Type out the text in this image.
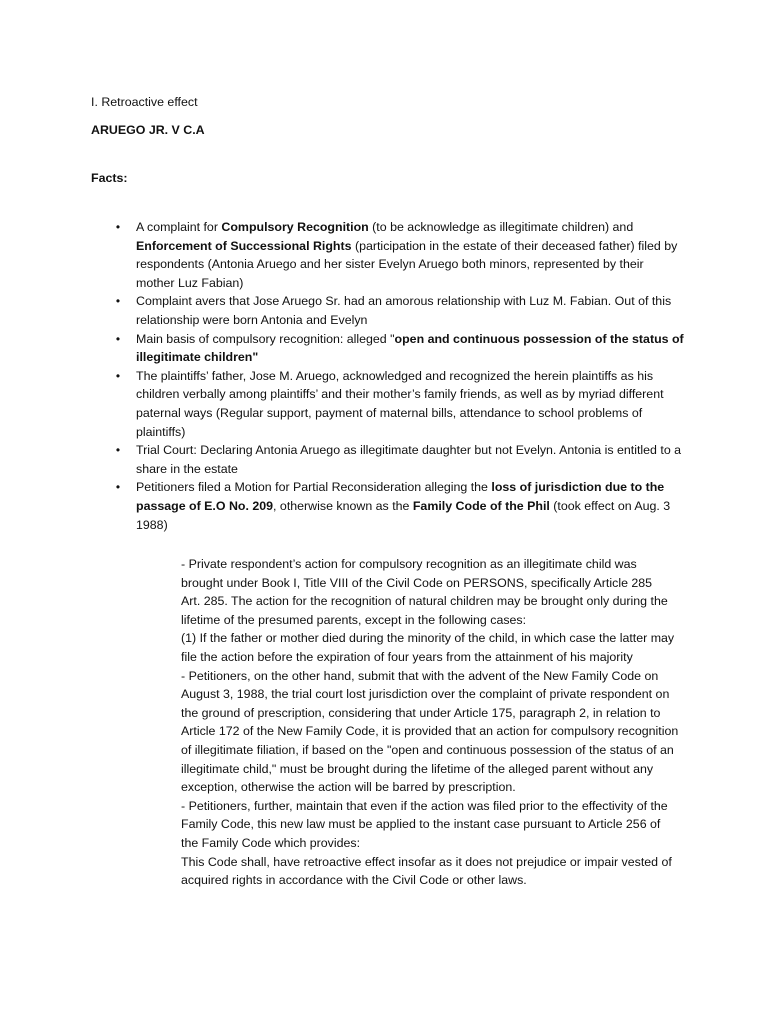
I. Retroactive effect

ARUEGO JR. V C.A

Facts:

• A complaint for Compulsory Recognition (to be acknowledge as illegitimate children) and Enforcement of Successional Rights (participation in the estate of their deceased father) filed by respondents (Antonia Aruego and her sister Evelyn Aruego both minors, represented by their mother Luz Fabian)
• Complaint avers that Jose Aruego Sr. had an amorous relationship with Luz M. Fabian. Out of this relationship were born Antonia and Evelyn
• Main basis of compulsory recognition: alleged "open and continuous possession of the status of illegitimate children"
• The plaintiffs’ father, Jose M. Aruego, acknowledged and recognized the herein plaintiffs as his children verbally among plaintiffs’ and their mother’s family friends, as well as by myriad different paternal ways (Regular support, payment of maternal bills, attendance to school problems of plaintiffs)
• Trial Court: Declaring Antonia Aruego as illegitimate daughter but not Evelyn. Antonia is entitled to a share in the estate
• Petitioners filed a Motion for Partial Reconsideration alleging the loss of jurisdiction due to the passage of E.O No. 209, otherwise known as the Family Code of the Phil (took effect on Aug. 3 1988)

- Private respondent’s action for compulsory recognition as an illegitimate child was brought under Book I, Title VIII of the Civil Code on PERSONS, specifically Article 285

Art. 285. The action for the recognition of natural children may be brought only during the lifetime of the presumed parents, except in the following cases:

(1) If the father or mother died during the minority of the child, in which case the latter may file the action before the expiration of four years from the attainment of his majority

- Petitioners, on the other hand, submit that with the advent of the New Family Code on August 3, 1988, the trial court lost jurisdiction over the complaint of private respondent on the ground of prescription, considering that under Article 175, paragraph 2, in relation to Article 172 of the New Family Code, it is provided that an action for compulsory recognition of illegitimate filiation, if based on the "open and continuous possession of the status of an illegitimate child," must be brought during the lifetime of the alleged parent without any exception, otherwise the action will be barred by prescription.

- Petitioners, further, maintain that even if the action was filed prior to the effectivity of the Family Code, this new law must be applied to the instant case pursuant to Article 256 of the Family Code which provides:

This Code shall, have retroactive effect insofar as it does not prejudice or impair vested of acquired rights in accordance with the Civil Code or other laws.
